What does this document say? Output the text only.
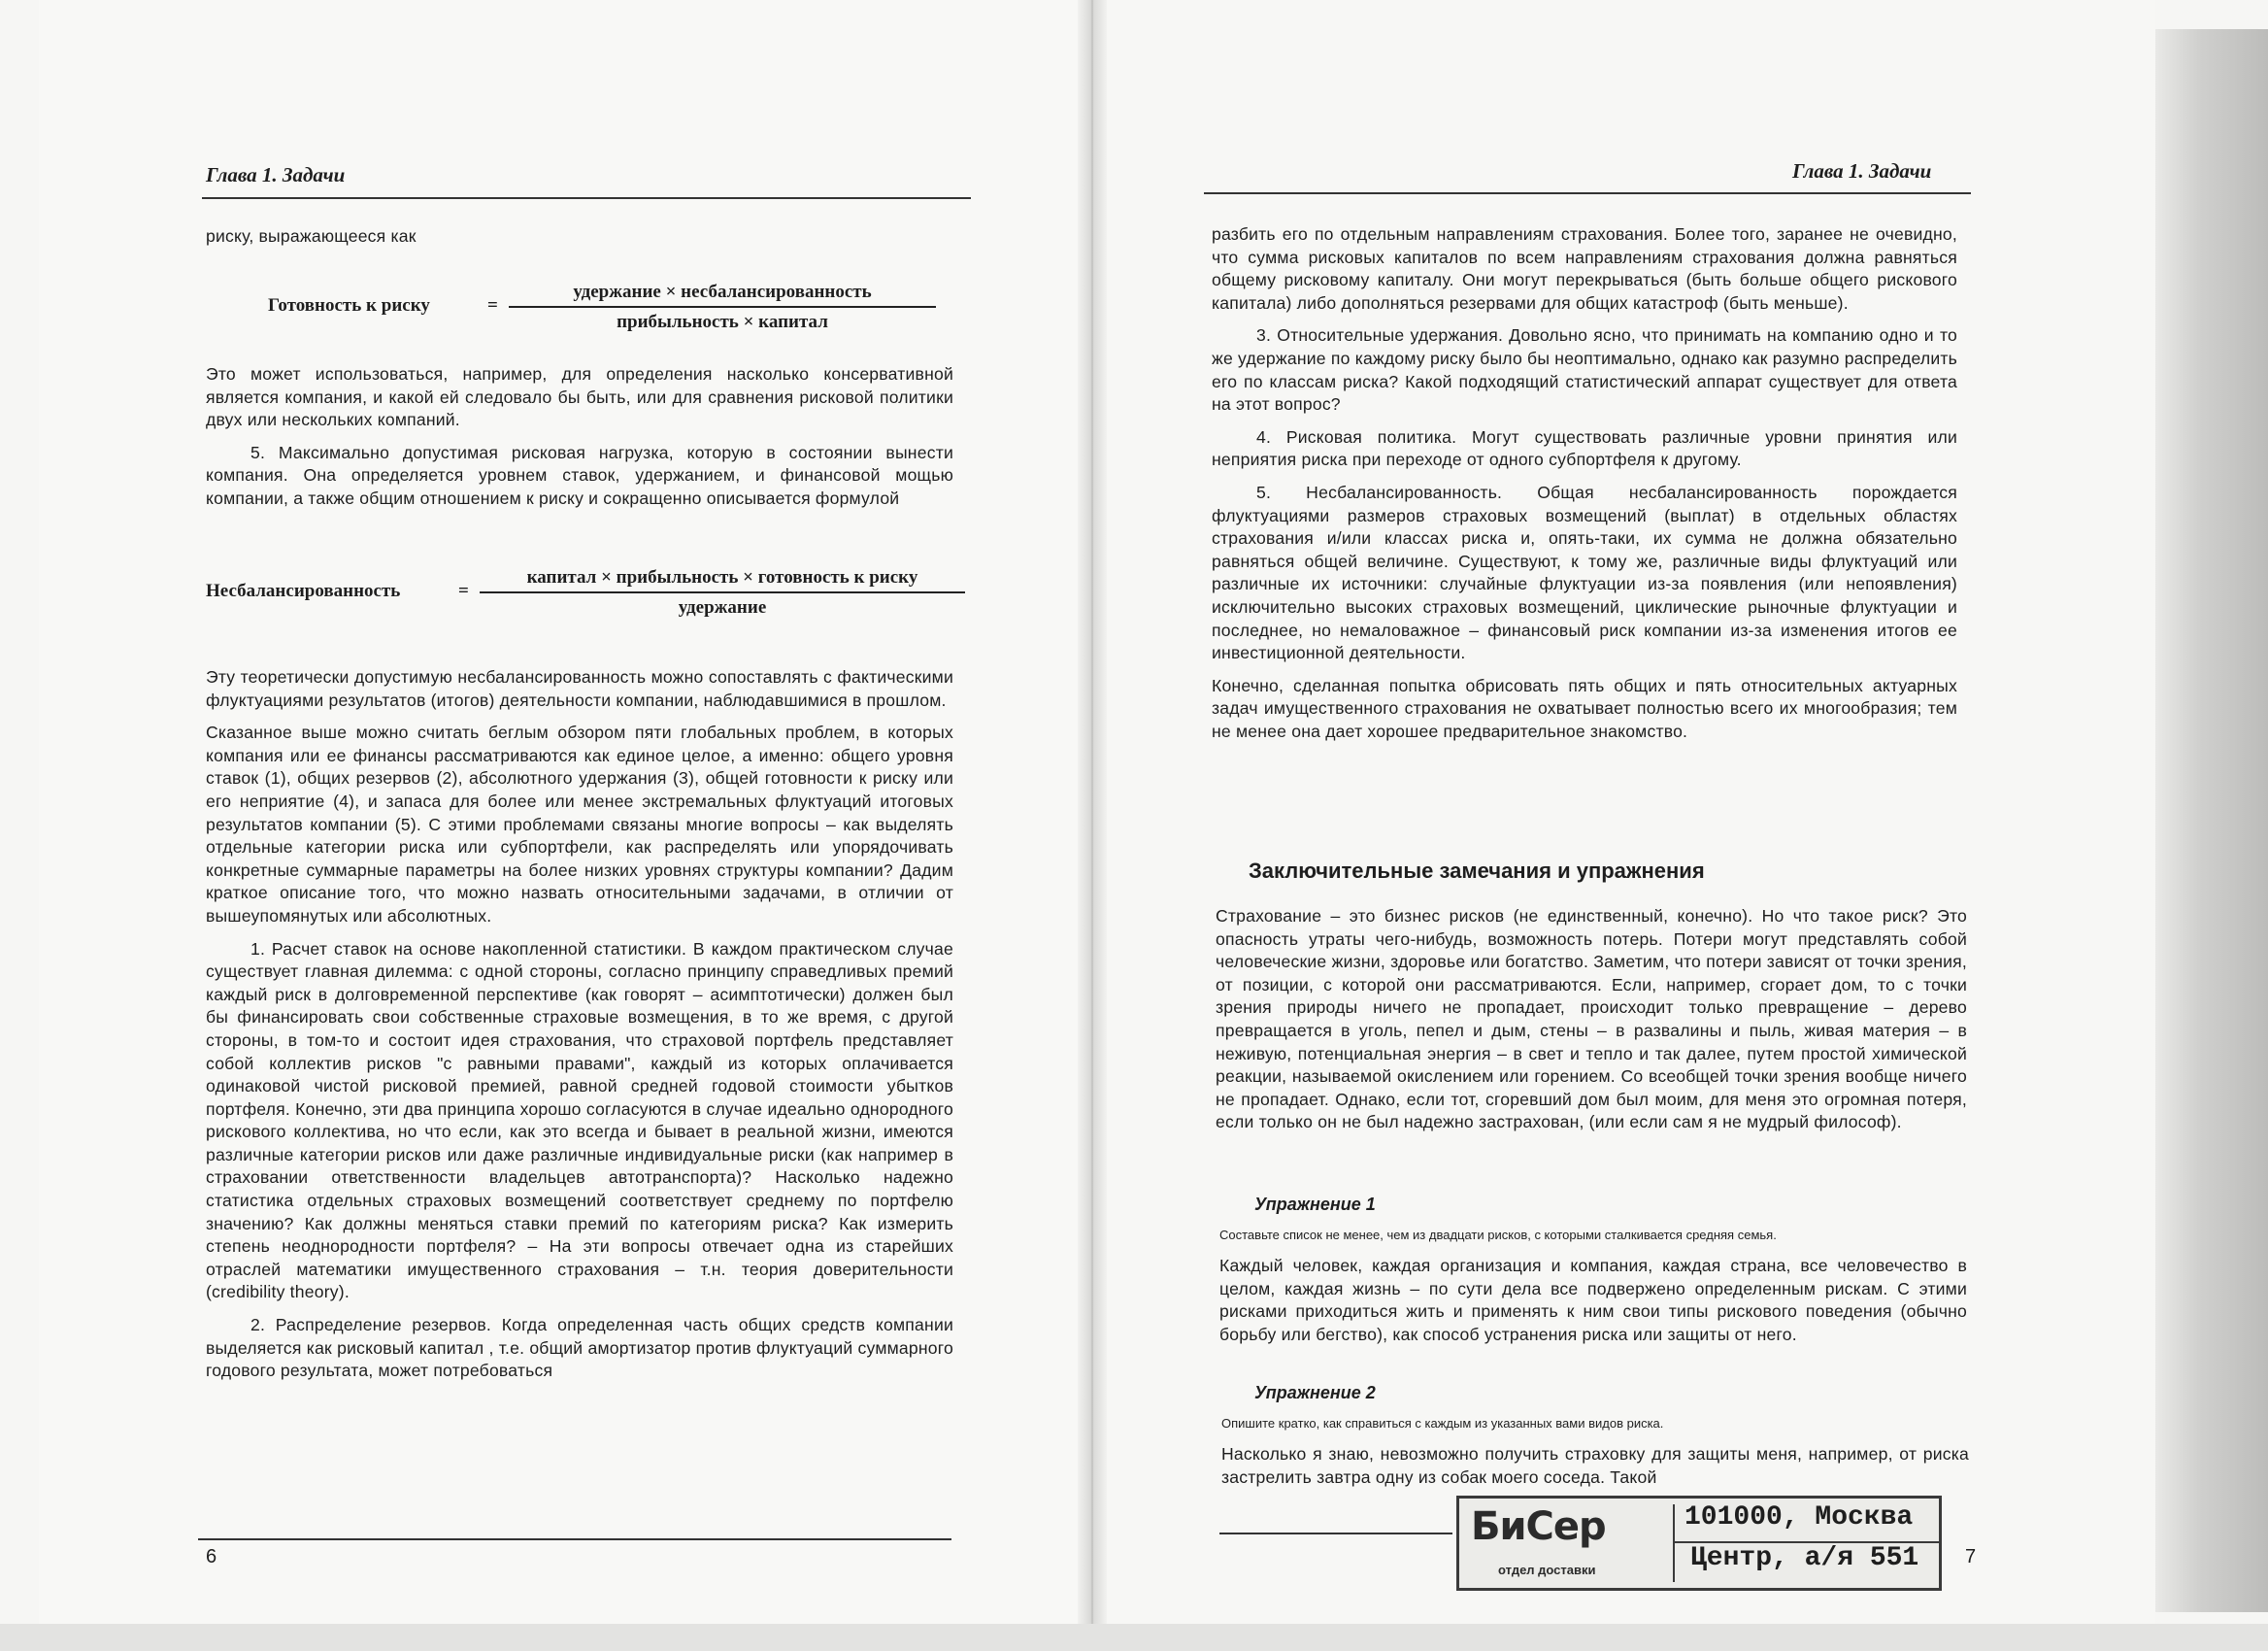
Глава 1. Задачи
риску, выражающееся как
Готовность к риску	=
удержание × несбалансированность
прибыльность × капитал

Это может использоваться, например, для определения насколько консервативной является компания, и какой ей следовало бы быть, или для сравнения рисковой политики двух или нескольких компаний.

5. Максимально допустимая рисковая нагрузка, которую в состоянии вынести компания. Она определяется уровнем ставок, удержанием, и финансовой мощью компании, а также общим отношением к риску и сокращенно описывается формулой

Несбалансированность	=
капитал × прибыльность × готовность к риску
удержание

Эту теоретически допустимую несбалансированность можно сопоставлять с фактическими флуктуациями результатов (итогов) деятельности компании, наблюдавшимися в прошлом.

Сказанное выше можно считать беглым обзором пяти глобальных проблем, в которых компания или ее финансы рассматриваются как единое целое, а именно: общего уровня ставок (1), общих резервов (2), абсолютного удержания (3), общей готовности к риску или его неприятие (4), и запаса для более или менее экстремальных флуктуаций итоговых результатов компании (5). С этими проблемами связаны многие вопросы – как выделять отдельные категории риска или субпортфели, как распределять или упорядочивать конкретные суммарные параметры на более низких уровнях структуры компании? Дадим краткое описание того, что можно назвать относительными задачами, в отличии от вышеупомянутых или абсолютных.

1. Расчет ставок на основе накопленной статистики. В каждом практическом случае существует главная дилемма: с одной стороны, согласно принципу справедливых премий каждый риск в долговременной перспективе (как говорят – асимптотически) должен был бы финансировать свои собственные страховые возмещения, в то же время, с другой стороны, в том-то и состоит идея страхования, что страховой портфель представляет собой коллектив рисков "с равными правами", каждый из которых оплачивается одинаковой чистой рисковой премией, равной средней годовой стоимости убытков портфеля. Конечно, эти два принципа хорошо согласуются в случае идеально однородного рискового коллектива, но что если, как это всегда и бывает в реальной жизни, имеются различные категории рисков или даже различные индивидуальные риски (как например в страховании ответственности владельцев автотранспорта)? Насколько надежно статистика отдельных страховых возмещений соответствует среднему по портфелю значению? Как должны меняться ставки премий по категориям риска? Как измерить степень неоднородности портфеля? – На эти вопросы отвечает одна из старейших отраслей математики имущественного страхования – т.н. теория доверительности (credibility theory).

2. Распределение резервов. Когда определенная часть общих средств компании выделяется как рисковый капитал , т.е. общий амортизатор против флуктуаций суммарного годового результата, может потребоваться

6
Глава 1. Задачи

разбить его по отдельным направлениям страхования. Более того, заранее не очевидно, что сумма рисковых капиталов по всем направлениям страхования должна равняться общему рисковому капиталу. Они могут перекрываться (быть больше общего рискового капитала) либо дополняться резервами для общих катастроф (быть меньше).

3. Относительные удержания. Довольно ясно, что принимать на компанию одно и то же удержание по каждому риску было бы неоптимально, однако как разумно распределить его по классам риска? Какой подходящий статистический аппарат существует для ответа на этот вопрос?

4. Рисковая политика. Могут существовать различные уровни принятия или неприятия риска при переходе от одного субпортфеля к другому.

5. Несбалансированность. Общая несбалансированность порождается флуктуациями размеров страховых возмещений (выплат) в отдельных областях страхования и/или классах риска и, опять-таки, их сумма не должна обязательно равняться общей величине. Существуют, к тому же, различные виды флуктуаций или различные их источники: случайные флуктуации из-за появления (или непоявления) исключительно высоких страховых возмещений, циклические рыночные флуктуации и последнее, но немаловажное – финансовый риск компании из-за изменения итогов ее инвестиционной деятельности.

Конечно, сделанная попытка обрисовать пять общих и пять относительных актуарных задач имущественного страхования не охватывает полностью всего их многообразия; тем не менее она дает хорошее предварительное знакомство.

Заключительные замечания и упражнения

Страхование – это бизнес рисков (не единственный, конечно). Но что такое риск? Это опасность утраты чего-нибудь, возможность потерь. Потери могут представлять собой человеческие жизни, здоровье или богатство. Заметим, что потери зависят от точки зрения, от позиции, с которой они рассматриваются. Если, например, сгорает дом, то с точки зрения природы ничего не пропадает, происходит только превращение – дерево превращается в уголь, пепел и дым, стены – в развалины и пыль, живая материя – в неживую, потенциальная энергия – в свет и тепло и так далее, путем простой химической реакции, называемой окислением или горением. Со всеобщей точки зрения вообще ничего не пропадает. Однако, если тот, сгоревший дом был моим, для меня это огромная потеря, если только он не был надежно застрахован, (или если сам я не мудрый философ).

Упражнение 1
Составьте список не менее, чем из двадцати рисков, с которыми сталкивается средняя семья.

Каждый человек, каждая организация и компания, каждая страна, все человечество в целом, каждая жизнь – по сути дела все подвержено определенным рискам. С этими рисками приходиться жить и применять к ним свои типы рискового поведения (обычно борьбу или бегство), как способ устранения риска или защиты от него.

Упражнение 2
Опишите кратко, как справиться с каждым из указанных вами видов риска.

Насколько я знаю, невозможно получить страховку для защиты меня, например, от риска застрелить завтра одну из собак моего соседа. Такой

7
БиСер
отдел доставки
101000, Москва
Центр, а/я 551
